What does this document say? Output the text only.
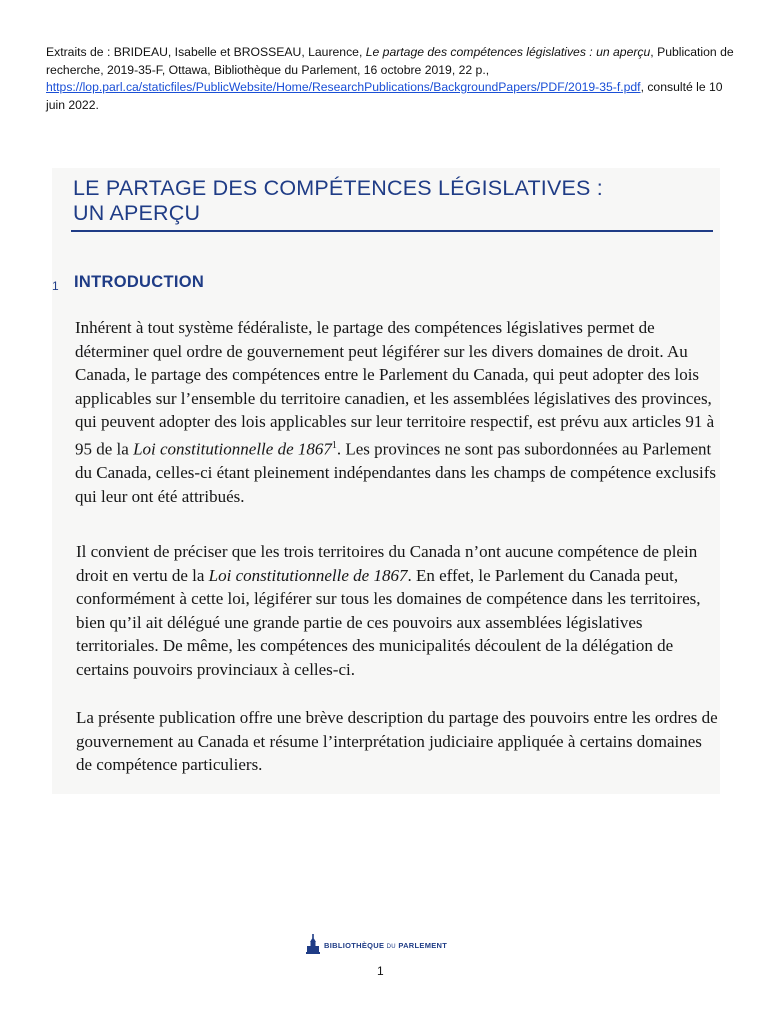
Extraits de : BRIDEAU, Isabelle et BROSSEAU, Laurence, Le partage des compétences législatives : un aperçu, Publication de recherche, 2019-35-F, Ottawa, Bibliothèque du Parlement, 16 octobre 2019, 22 p., https://lop.parl.ca/staticfiles/PublicWebsite/Home/ResearchPublications/BackgroundPapers/PDF/2019-35-f.pdf, consulté le 10 juin 2022.
LE PARTAGE DES COMPÉTENCES LÉGISLATIVES :
UN APERÇU
1 INTRODUCTION

Inhérent à tout système fédéraliste, le partage des compétences législatives permet de déterminer quel ordre de gouvernement peut légiférer sur les divers domaines de droit. Au Canada, le partage des compétences entre le Parlement du Canada, qui peut adopter des lois applicables sur l’ensemble du territoire canadien, et les assemblées législatives des provinces, qui peuvent adopter des lois applicables sur leur territoire respectif, est prévu aux articles 91 à 95 de la Loi constitutionnelle de 1867$^1$. Les provinces ne sont pas subordonnées au Parlement du Canada, celles-ci étant pleinement indépendantes dans les champs de compétence exclusifs qui leur ont été attribués.

Il convient de préciser que les trois territoires du Canada n’ont aucune compétence de plein droit en vertu de la Loi constitutionnelle de 1867. En effet, le Parlement du Canada peut, conformément à cette loi, légiférer sur tous les domaines de compétence dans les territoires, bien qu’il ait délégué une grande partie de ces pouvoirs aux assemblées législatives territoriales. De même, les compétences des municipalités découlent de la délégation de certains pouvoirs provinciaux à celles-ci.

La présente publication offre une brève description du partage des pouvoirs entre les ordres de gouvernement au Canada et résume l’interprétation judiciaire appliquée à certains domaines de compétence particuliers.

BIBLIOTHÈQUE DU PARLEMENT
1
